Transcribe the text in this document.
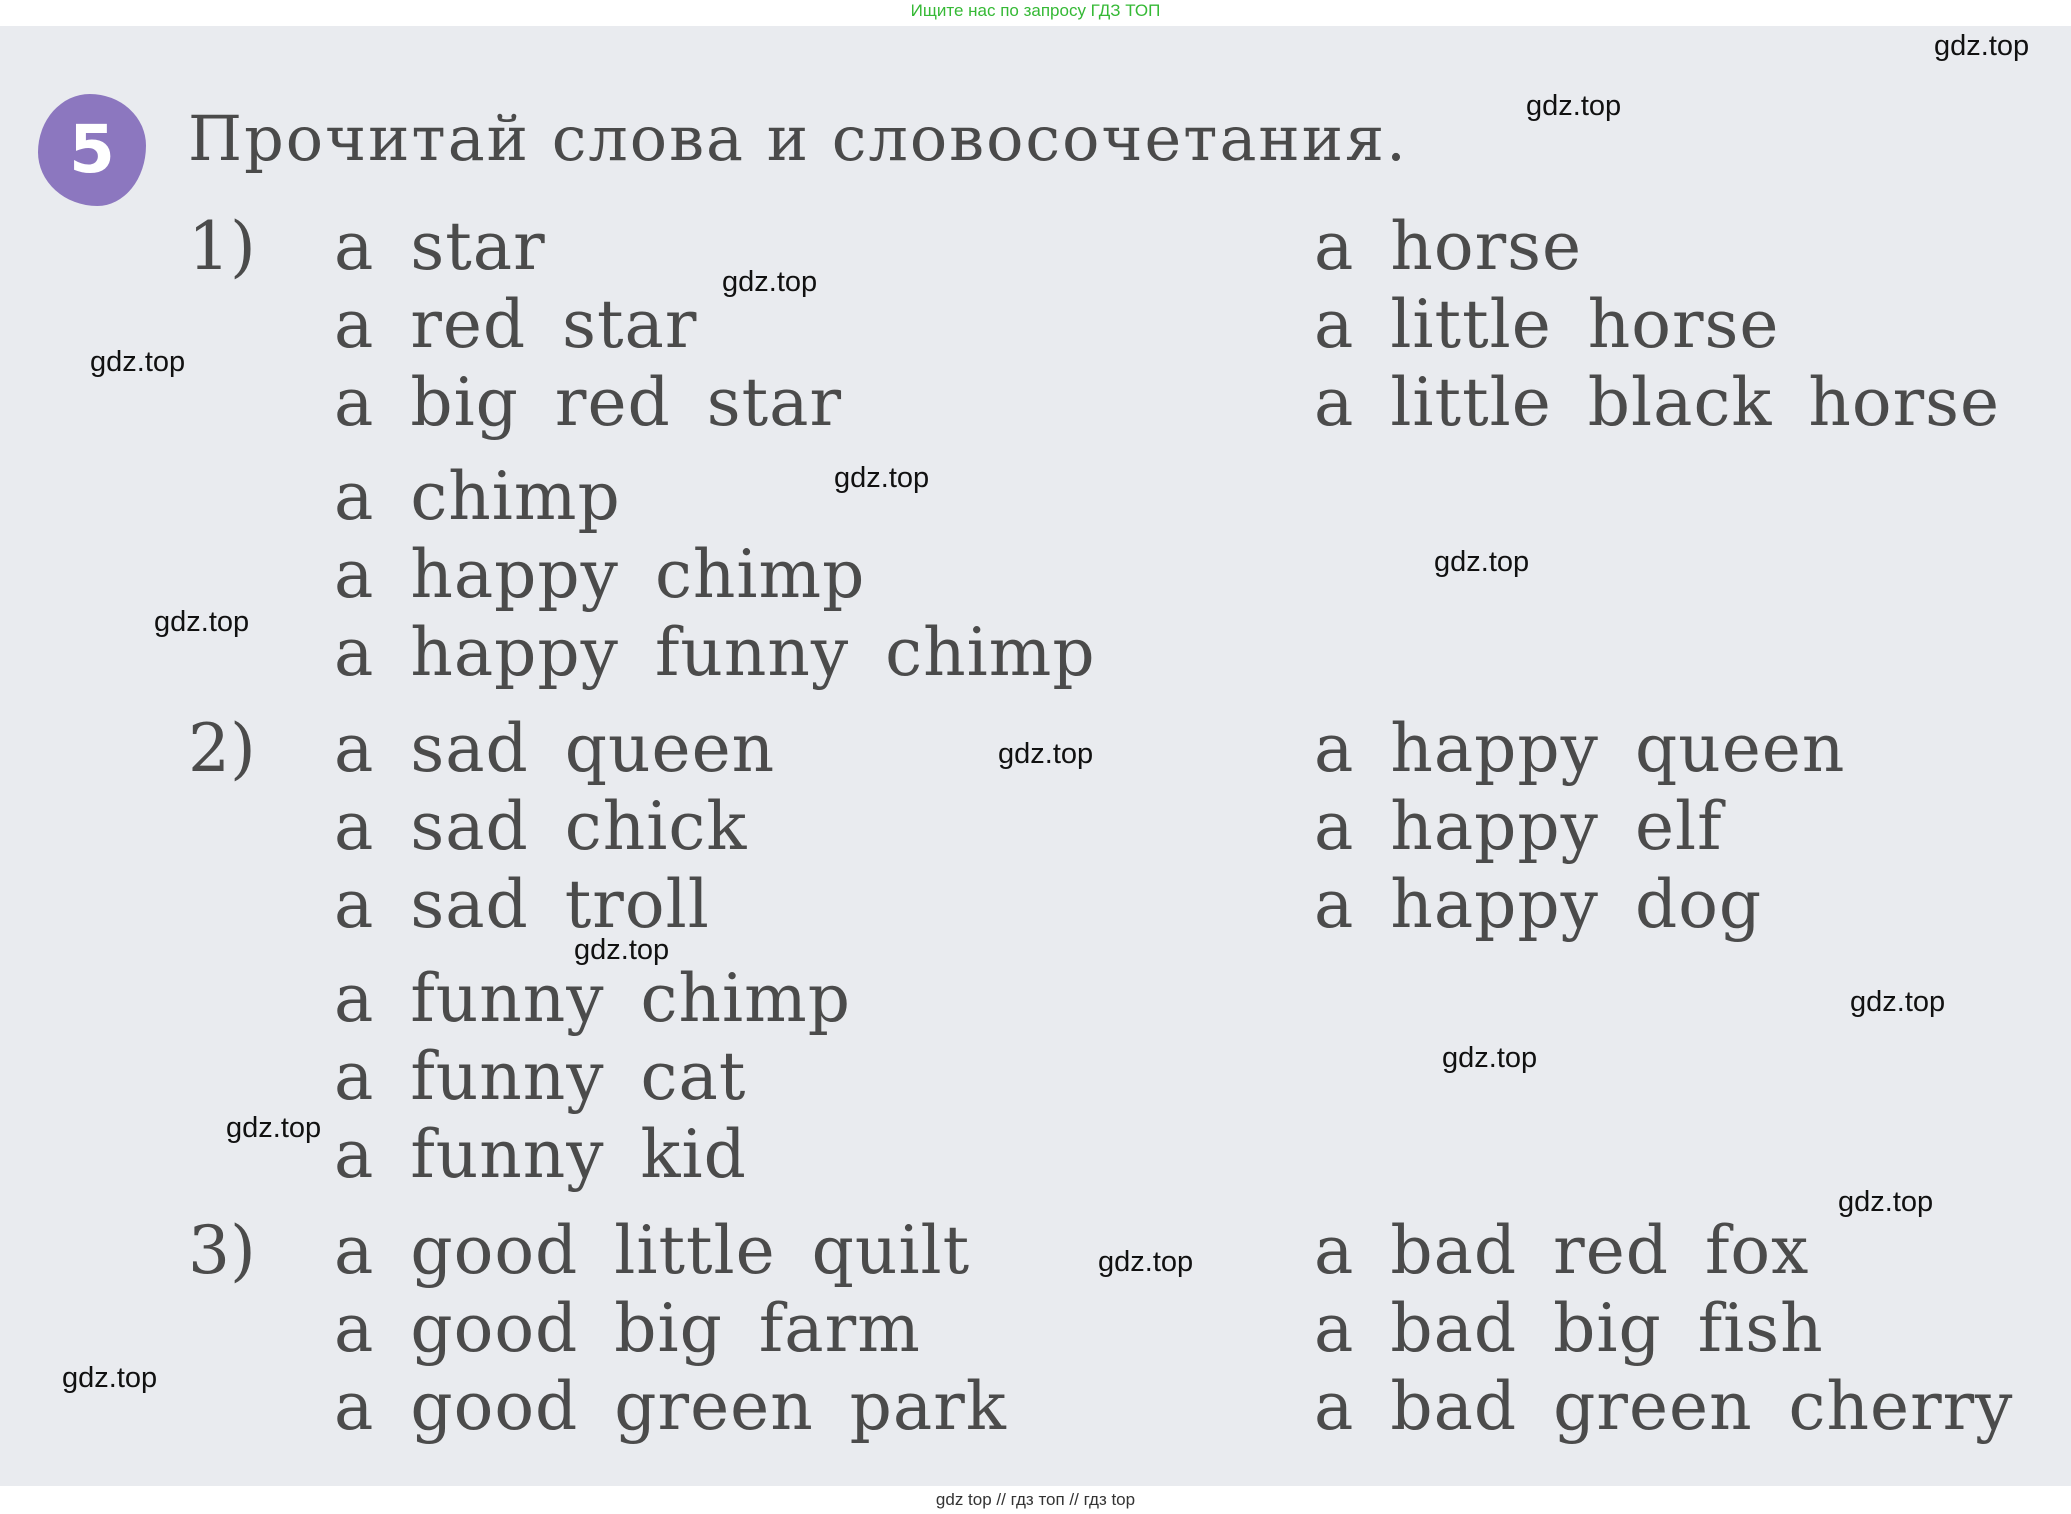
Ищите нас по запросу ГДЗ ТОП
5	Прочитай слова и словосочетания.
1)
2)
3)
a star
a red star
a big red star
a chimp
a happy chimp
a happy funny chimp
a sad queen
a sad chick
a sad troll
a funny chimp
a funny cat
a funny kid
a good little quilt
a good big farm
a good green park
a horse
a little horse
a little black horse
a happy queen
a happy elf
a happy dog
a bad red fox
a bad big fish
a bad green cherry
gdz.top
gdz.top
gdz.top
gdz.top
gdz.top
gdz.top
gdz.top
gdz.top
gdz.top
gdz.top
gdz.top
gdz.top
gdz.top
gdz.top
gdz.top
gdz top // гдз топ // гдз top
